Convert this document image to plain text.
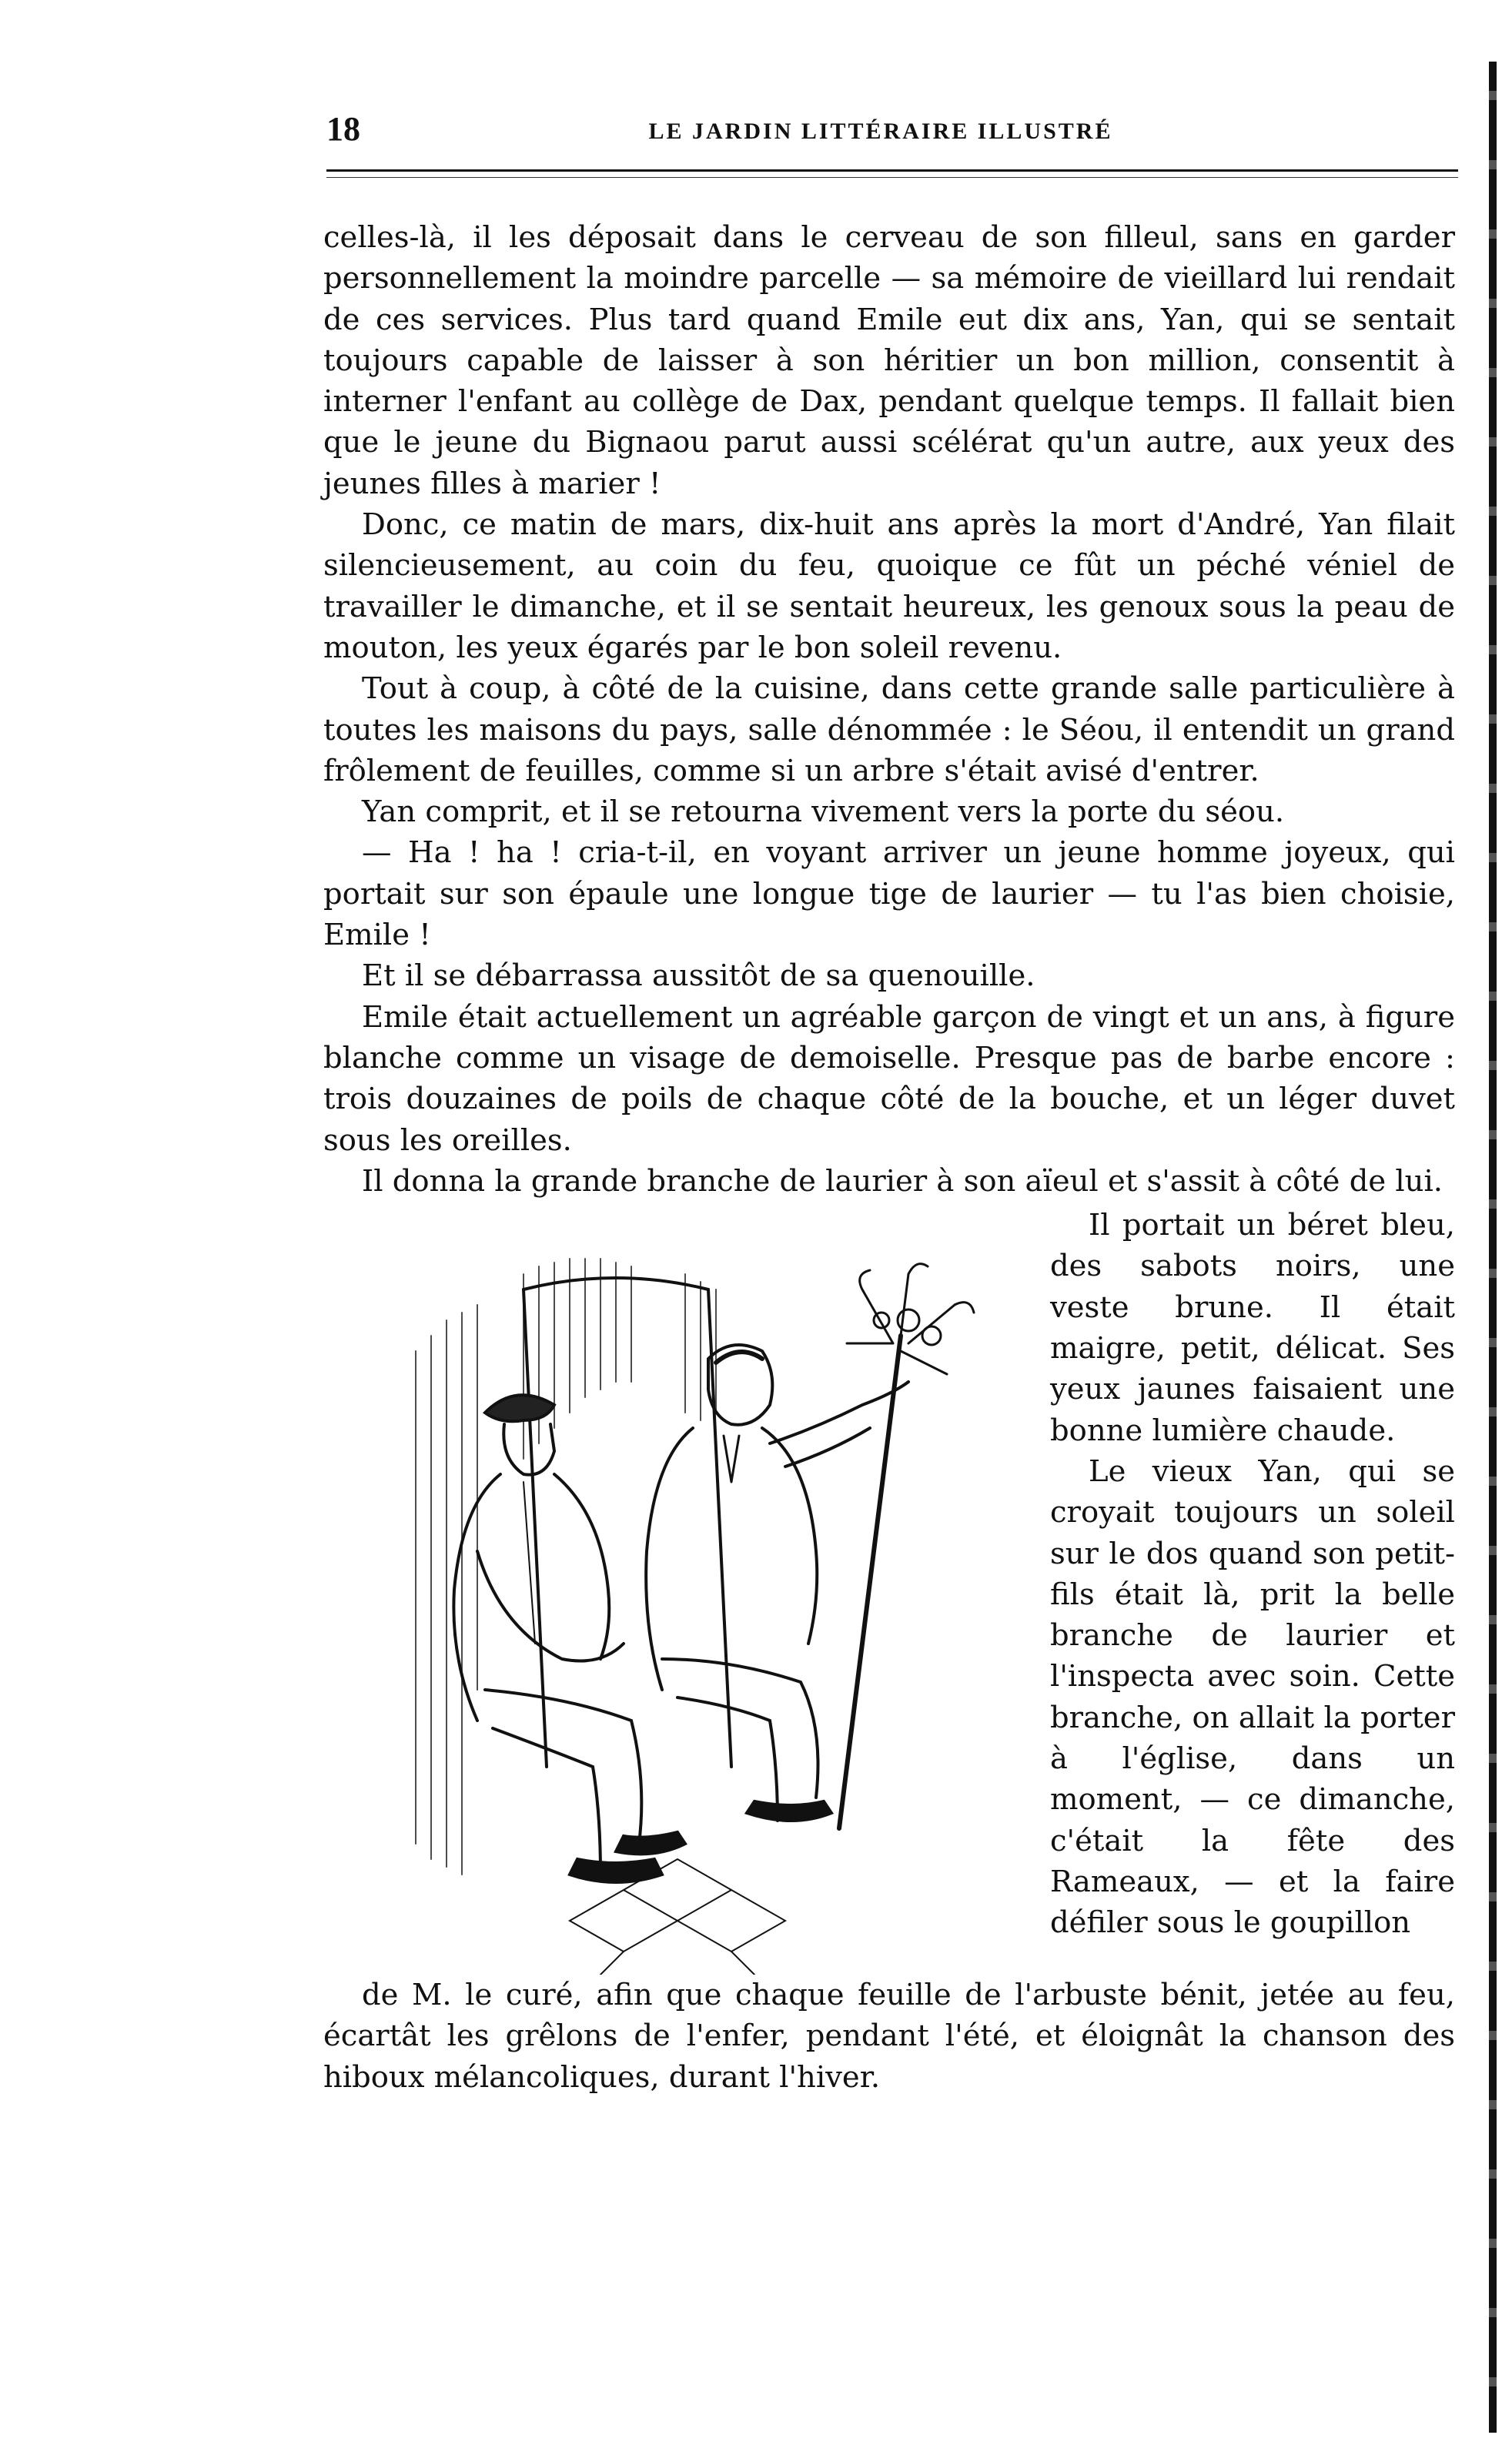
18	LE JARDIN LITTÉRAIRE ILLUSTRÉ

celles-là, il les déposait dans le cerveau de son filleul, sans en garder personnellement la moindre parcelle — sa mémoire de vieillard lui rendait de ces services. Plus tard quand Emile eut dix ans, Yan, qui se sentait toujours capable de laisser à son héritier un bon million, consentit à interner l'enfant au collège de Dax, pendant quelque temps. Il fallait bien que le jeune du Bignaou parut aussi scélérat qu'un autre, aux yeux des jeunes filles à marier !

Donc, ce matin de mars, dix-huit ans après la mort d'André, Yan filait silencieusement, au coin du feu, quoique ce fût un péché véniel de travailler le dimanche, et il se sentait heureux, les genoux sous la peau de mouton, les yeux égarés par le bon soleil revenu.

Tout à coup, à côté de la cuisine, dans cette grande salle particulière à toutes les maisons du pays, salle dénommée : le Séou, il entendit un grand frôlement de feuilles, comme si un arbre s'était avisé d'entrer.

Yan comprit, et il se retourna vivement vers la porte du séou.

— Ha ! ha ! cria-t-il, en voyant arriver un jeune homme joyeux, qui portait sur son épaule une longue tige de laurier — tu l'as bien choisie, Emile !

Et il se débarrassa aussitôt de sa quenouille.

Emile était actuellement un agréable garçon de vingt et un ans, à figure blanche comme un visage de demoiselle. Presque pas de barbe encore : trois douzaines de poils de chaque côté de la bouche, et un léger duvet sous les oreilles.

Il donna la grande branche de laurier à son aïeul et s'assit à côté de lui.

Il portait un béret bleu, des sabots noirs, une veste brune. Il était maigre, petit, délicat. Ses yeux jaunes faisaient une bonne lumière chaude.

Le vieux Yan, qui se croyait toujours un soleil sur le dos quand son petit-fils était là, prit la belle branche de laurier et l'inspecta avec soin. Cette branche, on allait la porter à l'église, dans un moment, — ce dimanche, c'était la fête des Rameaux, — et la faire défiler sous le goupillon

de M. le curé, afin que chaque feuille de l'arbuste bénit, jetée au feu, écartât les grêlons de l'enfer, pendant l'été, et éloignât la chanson des hiboux mélancoliques, durant l'hiver.
